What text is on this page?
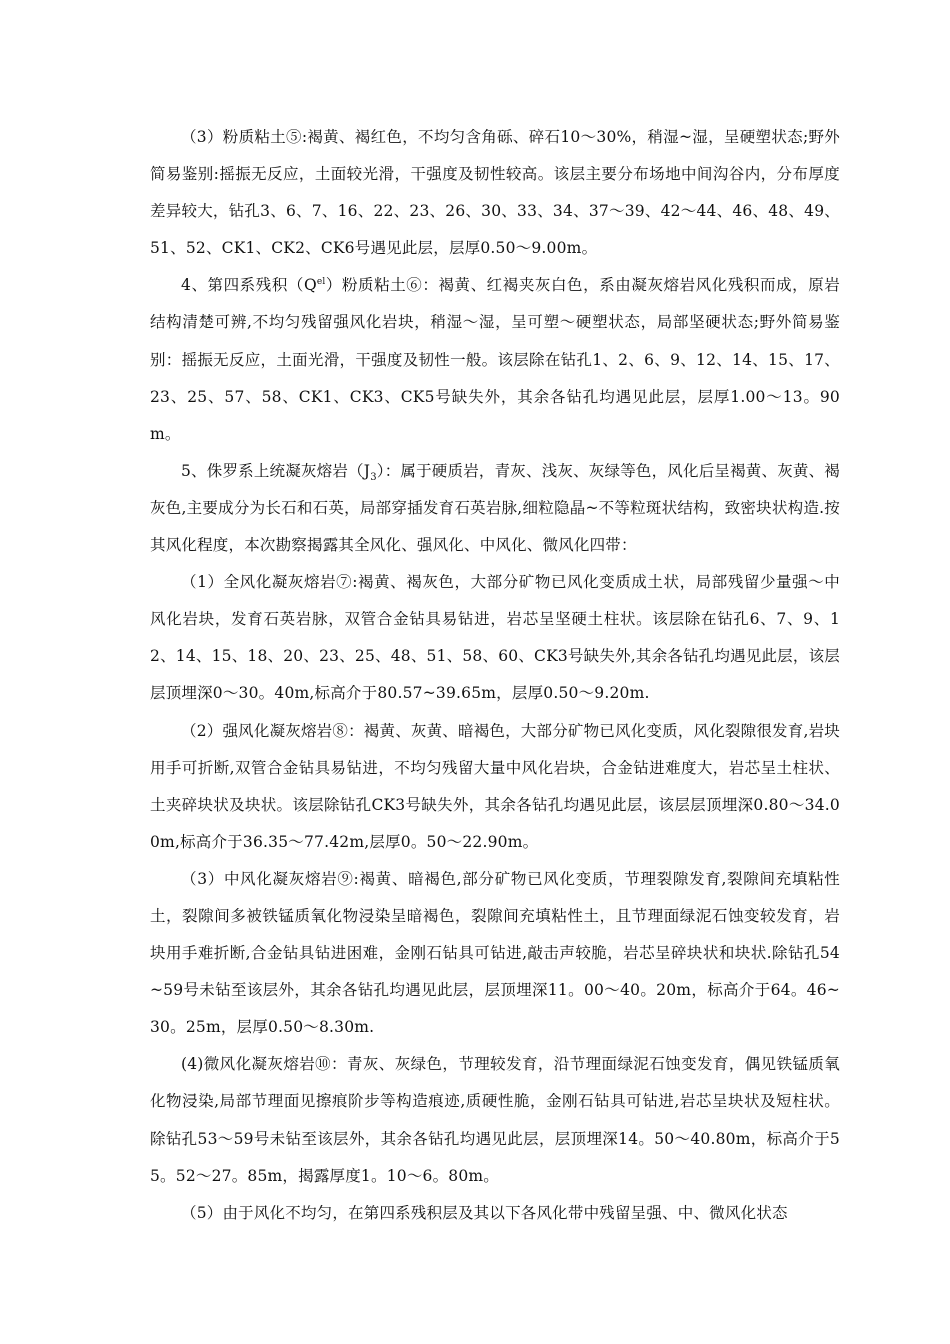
（3）粉质粘土⑤:褐黄、褐红色，不均匀含角砾、碎石10～30%，稍湿~湿，呈硬塑状态;野外简易鉴别:摇振无反应，土面较光滑，干强度及韧性较高。该层主要分布场地中间沟谷内，分布厚度差异较大，钻孔3、6、7、16、22、23、26、30、33、34、37～39、42～44、46、48、49、51、52、CK1、CK2、CK6号遇见此层，层厚0.50～9.00m。

4、第四系残积$(Q^{el})$粉质粘土⑥：褐黄、红褐夹灰白色，系由凝灰熔岩风化残积而成，原岩结构清楚可辨,不均匀残留强风化岩块，稍湿～湿，呈可塑～硬塑状态，局部坚硬状态;野外简易鉴别：摇振无反应，土面光滑，干强度及韧性一般。该层除在钻孔1、2、6、9、12、14、15、17、23、25、57、58、CK1、CK3、CK5号缺失外，其余各钻孔均遇见此层，层厚1.00～13。90m。

5、侏罗系上统凝灰熔岩$(J_3)$：属于硬质岩，青灰、浅灰、灰绿等色，风化后呈褐黄、灰黄、褐灰色,主要成分为长石和石英，局部穿插发育石英岩脉,细粒隐晶~不等粒斑状结构，致密块状构造.按其风化程度，本次勘察揭露其全风化、强风化、中风化、微风化四带：

（1）全风化凝灰熔岩⑦:褐黄、褐灰色，大部分矿物已风化变质成土状，局部残留少量强～中风化岩块，发育石英岩脉，双管合金钻具易钻进，岩芯呈坚硬土柱状。该层除在钻孔6、7、9、12、14、15、18、20、23、25、48、51、58、60、CK3号缺失外,其余各钻孔均遇见此层，该层层顶埋深0～30。40m,标高介于80.57~39.65m，层厚0.50～9.20m.

（2）强风化凝灰熔岩⑧：褐黄、灰黄、暗褐色，大部分矿物已风化变质，风化裂隙很发育,岩块用手可折断,双管合金钻具易钻进，不均匀残留大量中风化岩块，合金钻进难度大，岩芯呈土柱状、土夹碎块状及块状。该层除钻孔CK3号缺失外，其余各钻孔均遇见此层，该层层顶埋深0.80～34.00m,标高介于36.35～77.42m,层厚0。50～22.90m。

（3）中风化凝灰熔岩⑨:褐黄、暗褐色,部分矿物已风化变质，节理裂隙发育,裂隙间充填粘性土，裂隙间多被铁锰质氧化物浸染呈暗褐色，裂隙间充填粘性土，且节理面绿泥石蚀变较发育，岩块用手难折断,合金钻具钻进困难，金刚石钻具可钻进,敲击声较脆，岩芯呈碎块状和块状.除钻孔54~59号未钻至该层外，其余各钻孔均遇见此层，层顶埋深11。00～40。20m，标高介于64。46~30。25m，层厚0.50～8.30m.

(4)微风化凝灰熔岩⑩：青灰、灰绿色，节理较发育，沿节理面绿泥石蚀变发育，偶见铁锰质氧化物浸染,局部节理面见擦痕阶步等构造痕迹,质硬性脆，金刚石钻具可钻进,岩芯呈块状及短柱状。除钻孔53～59号未钻至该层外，其余各钻孔均遇见此层，层顶埋深14。50～40.80m，标高介于55。52～27。85m，揭露厚度1。10～6。80m。

（5）由于风化不均匀，在第四系残积层及其以下各风化带中残留呈强、中、微风化状态
